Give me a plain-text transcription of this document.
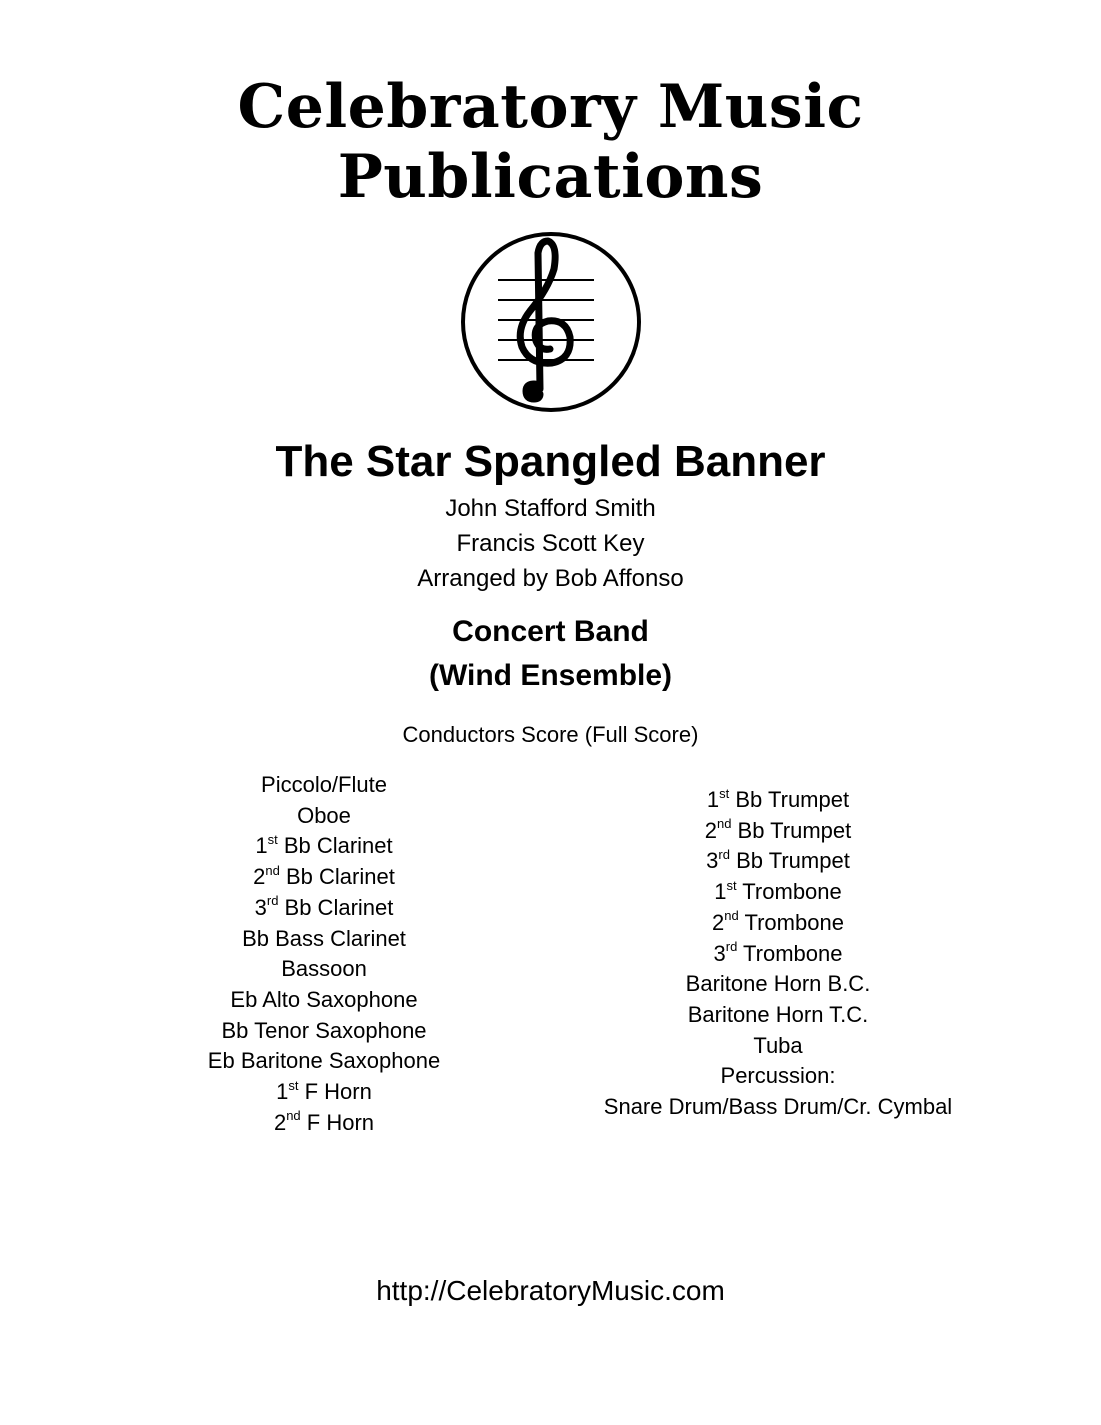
Celebratory Music
Publications
The Star Spangled Banner
John Stafford Smith
Francis Scott Key
Arranged by Bob Affonso
Concert Band
(Wind Ensemble)
Conductors Score (Full Score)
Piccolo/Flute
Oboe
1st Bb Clarinet
2nd Bb Clarinet
3rd Bb Clarinet
Bb Bass Clarinet
Bassoon
Eb Alto Saxophone
Bb Tenor Saxophone
Eb Baritone Saxophone
1st F Horn
2nd F Horn
1st Bb Trumpet
2nd Bb Trumpet
3rd Bb Trumpet
1st Trombone
2nd Trombone
3rd Trombone
Baritone Horn B.C.
Baritone Horn T.C.
Tuba
Percussion:
Snare Drum/Bass Drum/Cr. Cymbal
http://CelebratoryMusic.com
